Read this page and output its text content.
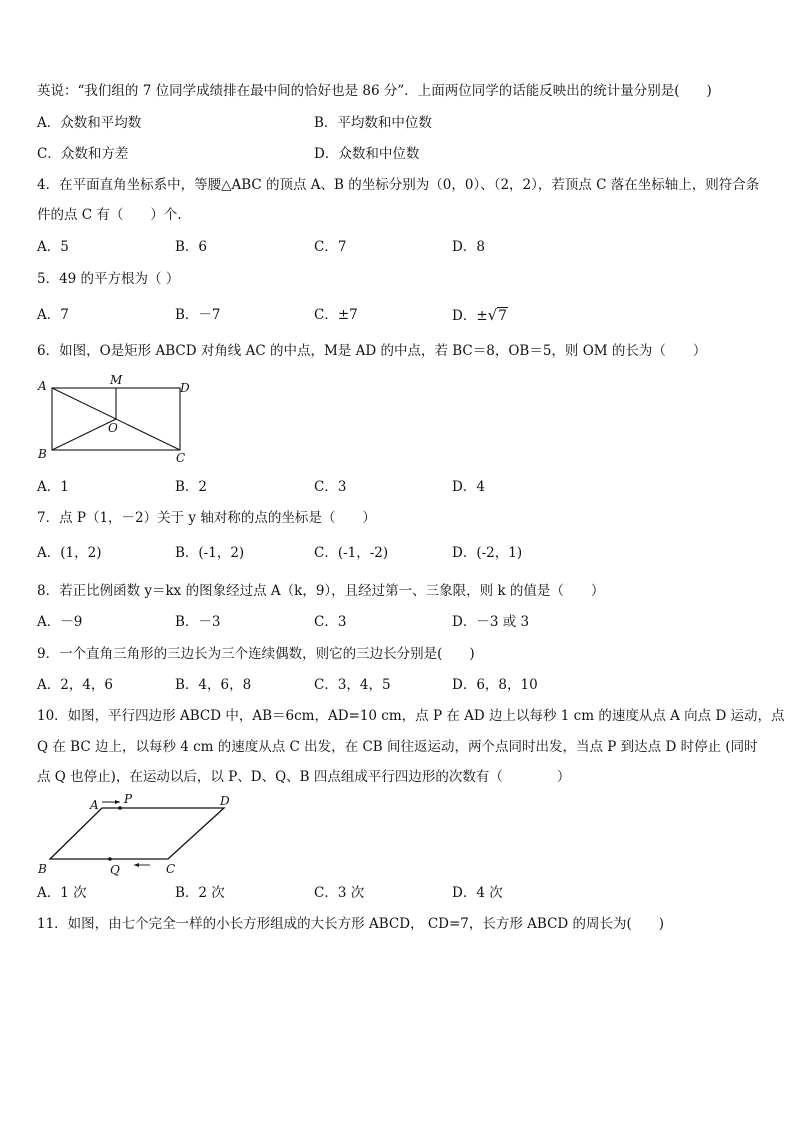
英说：“我们组的 7 位同学成绩排在最中间的恰好也是 86 分”．上面两位同学的话能反映出的统计量分别是(　　)
A．众数和平均数	B．平均数和中位数
C．众数和方差	D．众数和中位数
4．在平面直角坐标系中，等腰△ABC 的顶点 A、B 的坐标分别为（0，0）、（2，2），若顶点 C 落在坐标轴上，则符合条
件的点 C 有（　　）个.
A．5	B．6	C．7	D．8
5．49 的平方根为（ ）
A．7	B．－7	C．±7	D．±√7
6．如图，O是矩形 ABCD 对角线 AC 的中点，M是 AD 的中点，若 BC＝8，OB＝5，则 OM 的长为（　　）
A	M
D
O
B	C
A．1	B．2	C．3	D．4
7．点 P（1，－2）关于 y 轴对称的点的坐标是（　　）
A．(1，2)	B．(-1，2)	C．(-1，-2)	D．(-2，1)
8．若正比例函数 y＝kx 的图象经过点 A（k，9），且经过第一、三象限，则 k 的值是（　　）
A．－9	B．－3	C．3	D．－3 或 3
9．一个直角三角形的三边长为三个连续偶数，则它的三边长分别是(　　)
A．2，4，6	B．4，6，8	C．3，4，5	D．6，8，10
10．如图，平行四边形 ABCD 中，AB＝6cm，AD=10 cm，点 P 在 AD 边上以每秒 1 cm 的速度从点 A 向点 D 运动，点
Q 在 BC 边上，以每秒 4 cm 的速度从点 C 出发，在 CB 间往返运动，两个点同时出发，当点 P 到达点 D 时停止 (同时
点 Q 也停止)，在运动以后，以 P、D、Q、B 四点组成平行四边形的次数有（　　　　）
A P	D
B	Q	C
A．1 次	B．2 次	C．3 次	D．4 次
11．如图，由七个完全一样的小长方形组成的大长方形 ABCD， CD=7，长方形 ABCD 的周长为(　　)
